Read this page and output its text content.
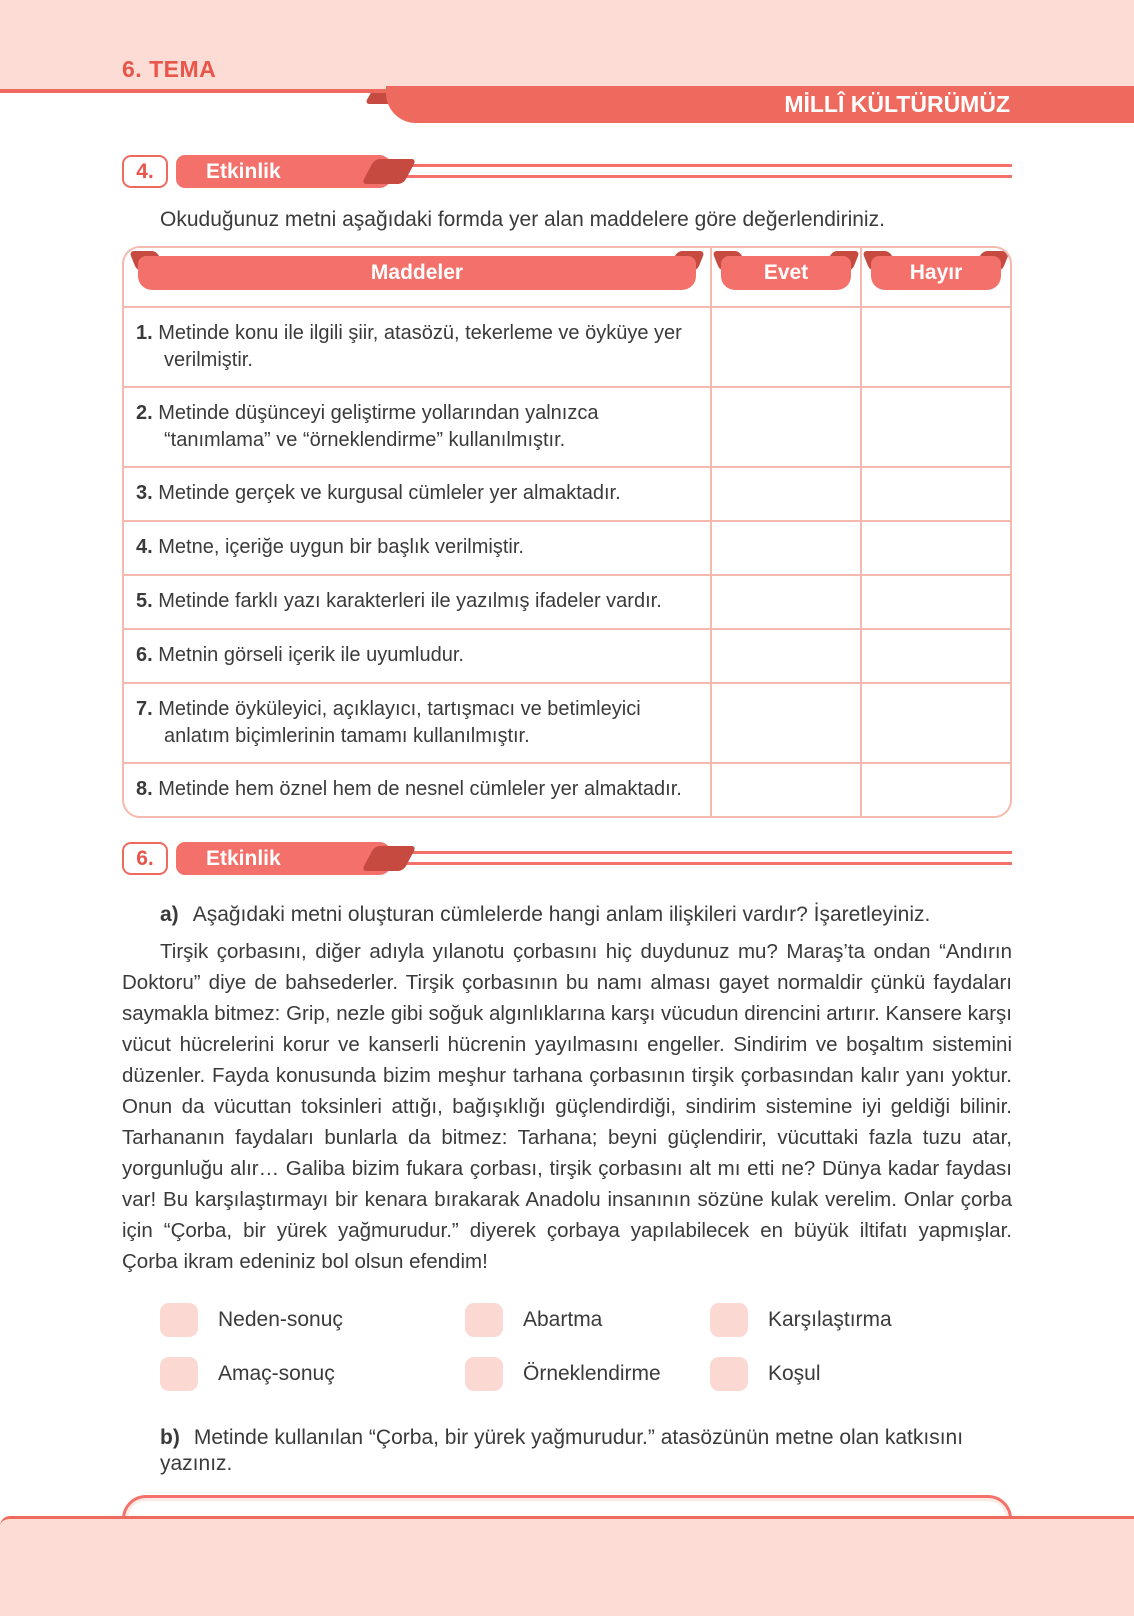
6. TEMA
MİLLÎ KÜLTÜRÜMÜZ
4.	Etkinlik

Okuduğunuz metni aşağıdaki formda yer alan maddelere göre değerlendiriniz.

Maddeler	Evet	Hayır
1. Metinde konu ile ilgili şiir, atasözü, tekerleme ve öyküye yer verilmiştir.
2. Metinde düşünceyi geliştirme yollarından yalnızca “tanımlama” ve “örneklendirme” kullanılmıştır.
3. Metinde gerçek ve kurgusal cümleler yer almaktadır.
4. Metne, içeriğe uygun bir başlık verilmiştir.
5. Metinde farklı yazı karakterleri ile yazılmış ifadeler vardır.
6. Metnin görseli içerik ile uyumludur.
7. Metinde öyküleyici, açıklayıcı, tartışmacı ve betimleyici anlatım biçimlerinin tamamı kullanılmıştır.
8. Metinde hem öznel hem de nesnel cümleler yer almaktadır.
6.	Etkinlik

a) Aşağıdaki metni oluşturan cümlelerde hangi anlam ilişkileri vardır? İşaretleyiniz.

Tirşik çorbasını, diğer adıyla yılanotu çorbasını hiç duydunuz mu? Maraş’ta ondan “Andırın Doktoru” diye de bahsederler. Tirşik çorbasının bu namı alması gayet normaldir çünkü faydaları saymakla bitmez: Grip, nezle gibi soğuk algınlıklarına karşı vücudun direncini artırır. Kansere karşı vücut hücrelerini korur ve kanserli hücrenin yayılmasını engeller. Sindirim ve boşaltım sistemini düzenler. Fayda konusunda bizim meşhur tarhana çorbasının tirşik çorbasından kalır yanı yoktur. Onun da vücuttan toksinleri attığı, bağışıklığı güçlendirdiği, sindirim sistemine iyi geldiği bilinir. Tarhananın faydaları bunlarla da bitmez: Tarhana; beyni güçlendirir, vücuttaki fazla tuzu atar, yorgunluğu alır… Galiba bizim fukara çorbası, tirşik çorbasını alt mı etti ne? Dünya kadar faydası var! Bu karşılaştırmayı bir kenara bırakarak Anadolu insanının sözüne kulak verelim. Onlar çorba için “Çorba, bir yürek yağmurudur.” diyerek çorbaya yapılabilecek en büyük iltifatı yapmışlar. Çorba ikram edeniniz bol olsun efendim!

Neden-sonuç	Abartma	Karşılaştırma
Amaç-sonuç	Örneklendirme	Koşul

b) Metinde kullanılan “Çorba, bir yürek yağmurudur.” atasözünün metne olan katkısını yazınız.
